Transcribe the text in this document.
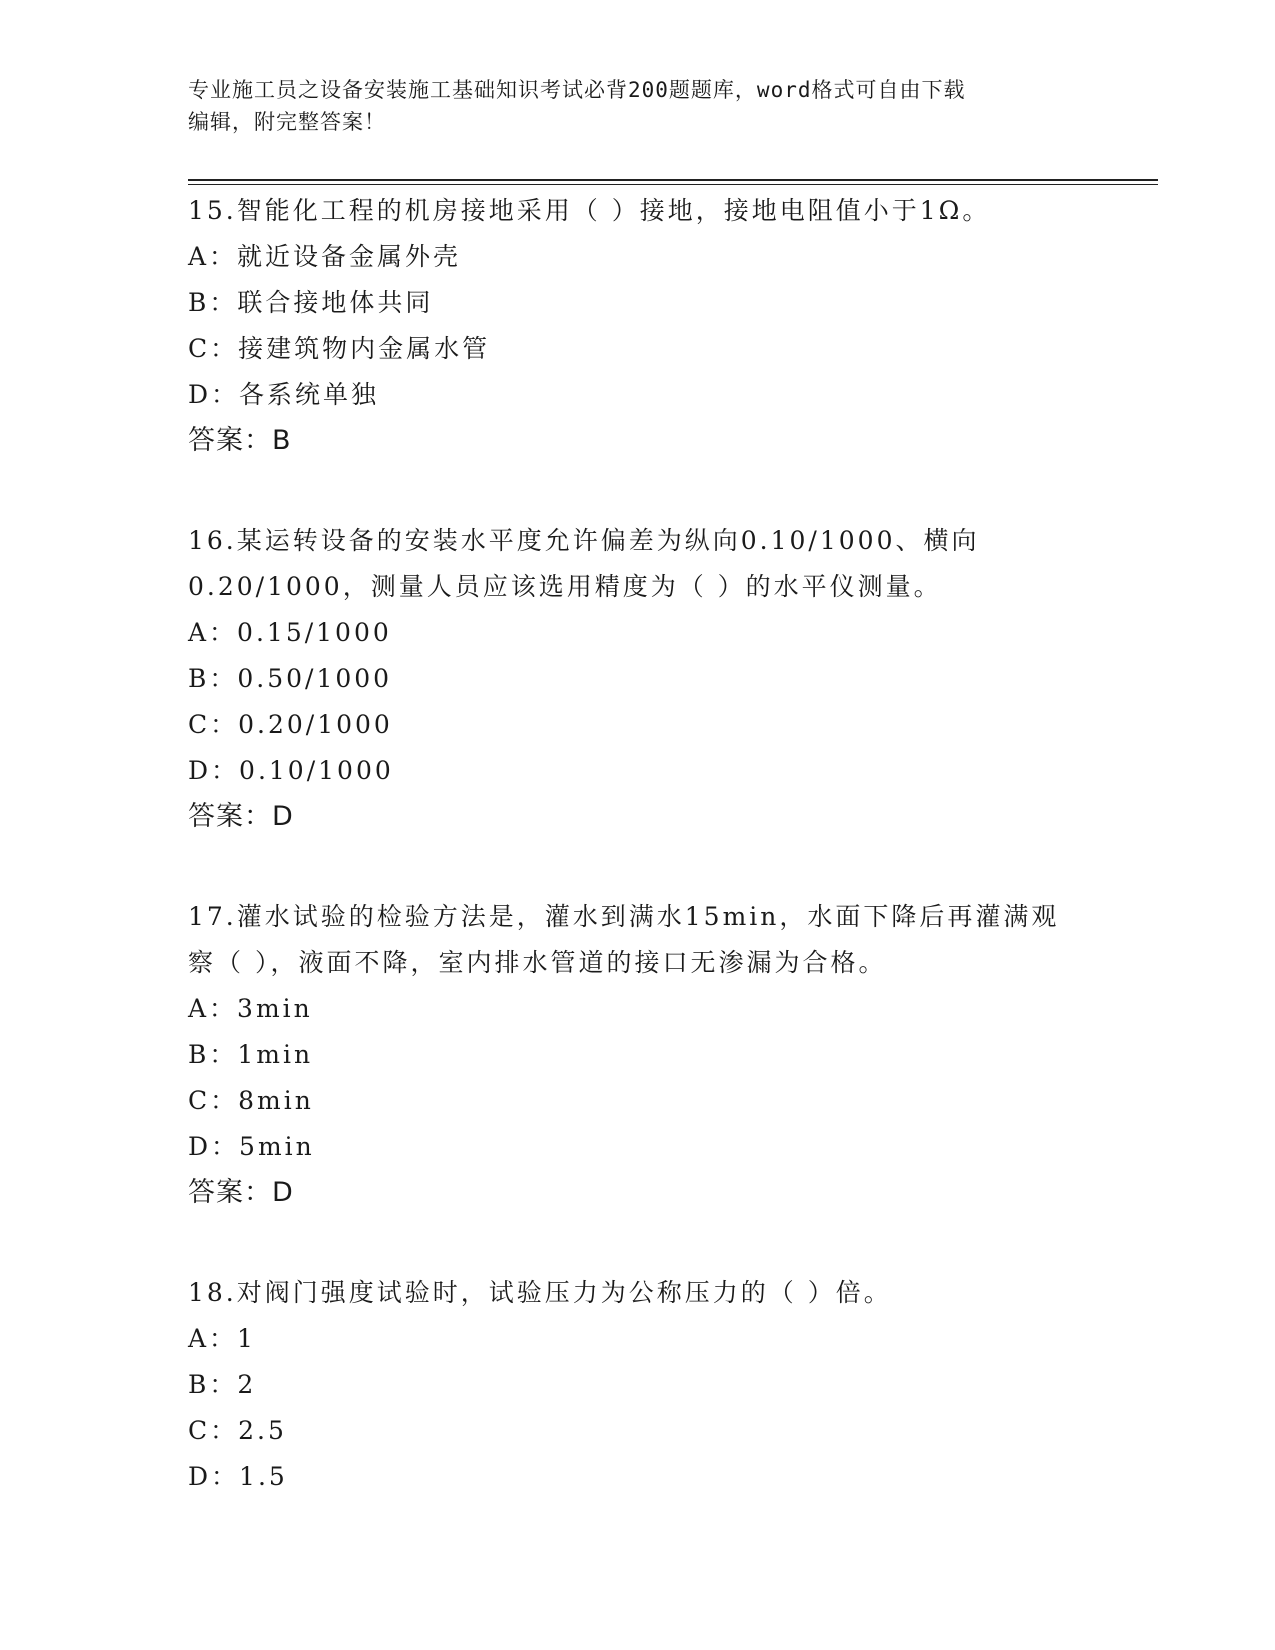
专业施工员之设备安装施工基础知识考试必背200题题库，word格式可自由下载
编辑，附完整答案！
15.智能化工程的机房接地采用（ ）接地，接地电阻值小于1Ω。
A：就近设备金属外壳
B：联合接地体共同
C：接建筑物内金属水管
D：各系统单独
答案：B
16.某运转设备的安装水平度允许偏差为纵向0.10/1000、横向
0.20/1000，测量人员应该选用精度为（ ）的水平仪测量。
A：0.15/1000
B：0.50/1000
C：0.20/1000
D：0.10/1000
答案：D
17.灌水试验的检验方法是，灌水到满水15min，水面下降后再灌满观
察（ ），液面不降，室内排水管道的接口无渗漏为合格。
A：3min
B：1min
C：8min
D：5min
答案：D
18.对阀门强度试验时，试验压力为公称压力的（ ）倍。
A：1
B：2
C：2.5
D：1.5
